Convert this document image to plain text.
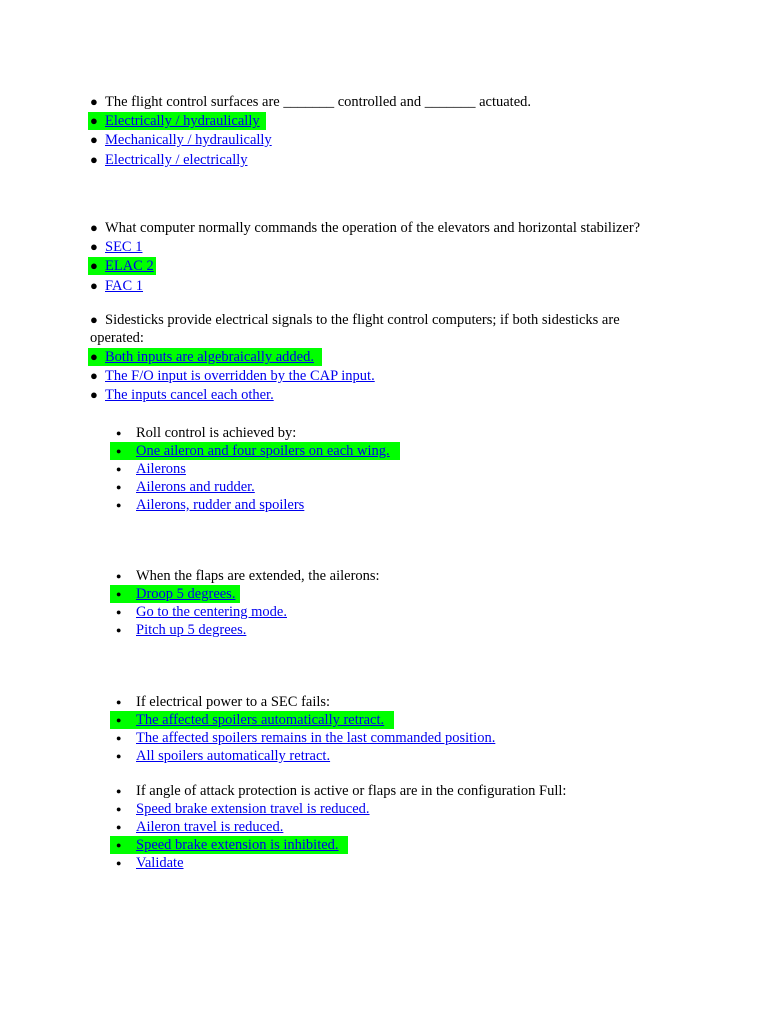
● The flight control surfaces are _______ controlled and _______ actuated.
● Electrically / hydraulically
● Mechanically / hydraulically
● Electrically / electrically
● What computer normally commands the operation of the elevators and horizontal stabilizer?
● SEC 1
● ELAC 2
● FAC 1
● Sidesticks provide electrical signals to the flight control computers; if both sidesticks are
operated:
● Both inputs are algebraically added.
● The F/O input is overridden by the CAP input.
● The inputs cancel each other.
● Roll control is achieved by:
● One aileron and four spoilers on each wing.
● Ailerons
● Ailerons and rudder.
● Ailerons, rudder and spoilers
● When the flaps are extended, the ailerons:
● Droop 5 degrees.
● Go to the centering mode.
● Pitch up 5 degrees.
● If electrical power to a SEC fails:
● The affected spoilers automatically retract.
● The affected spoilers remains in the last commanded position.
● All spoilers automatically retract.
● If angle of attack protection is active or flaps are in the configuration Full:
● Speed brake extension travel is reduced.
● Aileron travel is reduced.
● Speed brake extension is inhibited.
● Validate
